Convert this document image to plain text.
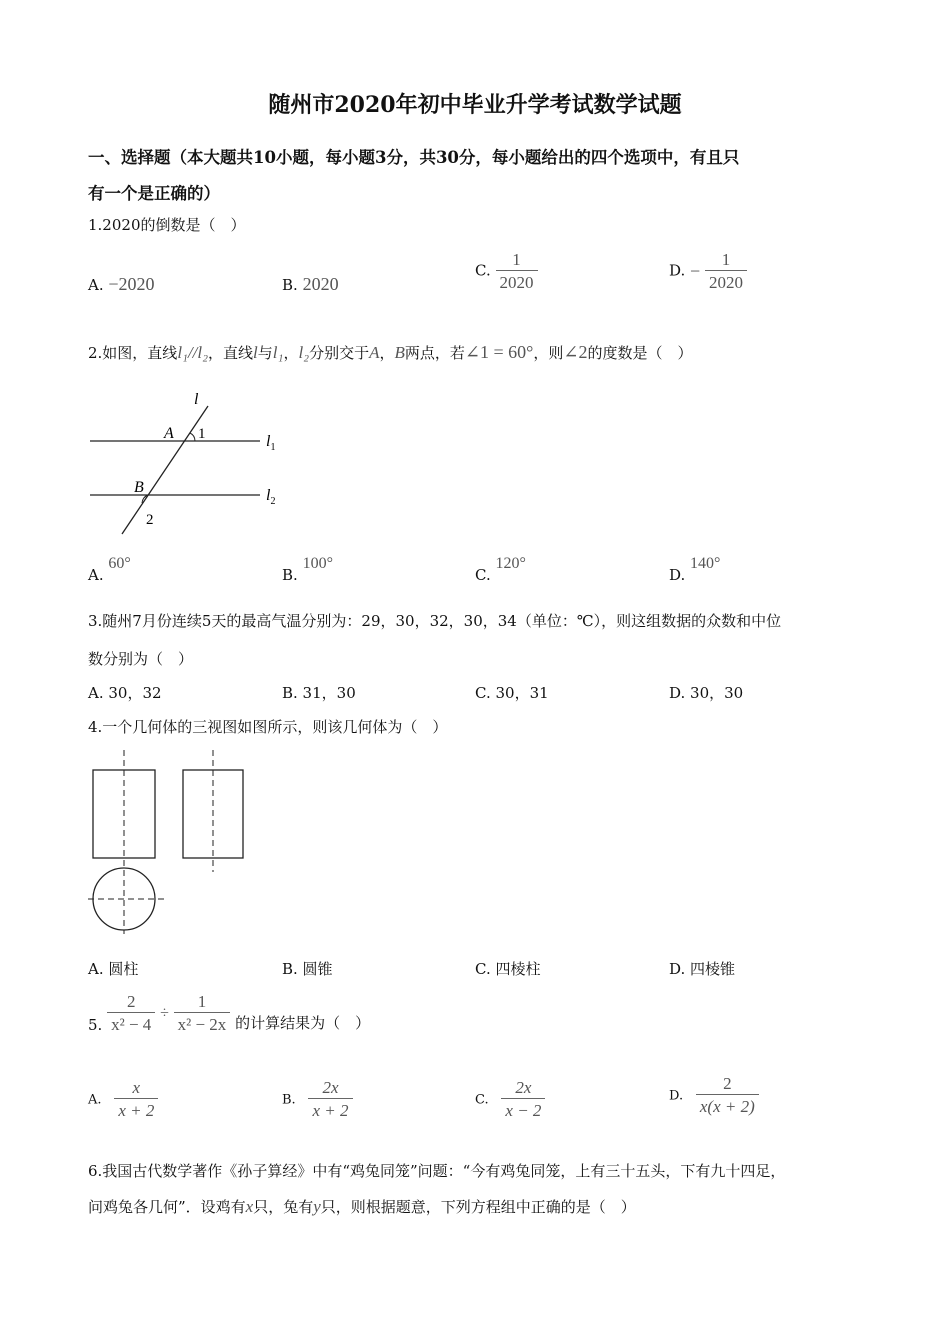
随州市2020年初中毕业升学考试数学试题
一、选择题（本大题共10小题，每小题3分，共30分，每小题给出的四个选项中，有且只
有一个是正确的）
1.2020的倒数是（　）
A. −2020	B. 2020
C. $\frac{1}{2020}$	D. − $\frac{1}{2020}$
2.如图，直线l₁//l₂，直线l与l₁，l₂分别交于A，B两点，若∠1 = 60°，则∠2的度数是（　）
l
A 1	$l_1$
B
2
$l_2$
A. 60°
B. 100°
C. 120°
D. 140°
3.随州7月份连续5天的最高气温分别为：29，30，32，30，34（单位：℃），则这组数据的众数和中位
数分别为（　）
A. 30，32	B. 31，30	C. 30，31	D. 30，30
4.一个几何体的三视图如图所示，则该几何体为（　）
A. 圆柱	B. 圆锥	C. 四棱柱	D. 四棱锥
5. $\frac{2}{\text{x² − 4}} \div \frac{1}{\text{x² − 2x}}$ 的计算结果为（　）
A. $\frac{x}{x + 2}$	B. $\frac{2x}{x + 2}$	C. $\frac{2x}{x - 2}$	D. $\frac{2}{x(x + 2)}$
6.我国古代数学著作《孙子算经》中有“鸡兔同笼”问题：“今有鸡兔同笼，上有三十五头，下有九十四足，
问鸡兔各几何”．设鸡有x只，兔有y只，则根据题意，下列方程组中正确的是（　）
